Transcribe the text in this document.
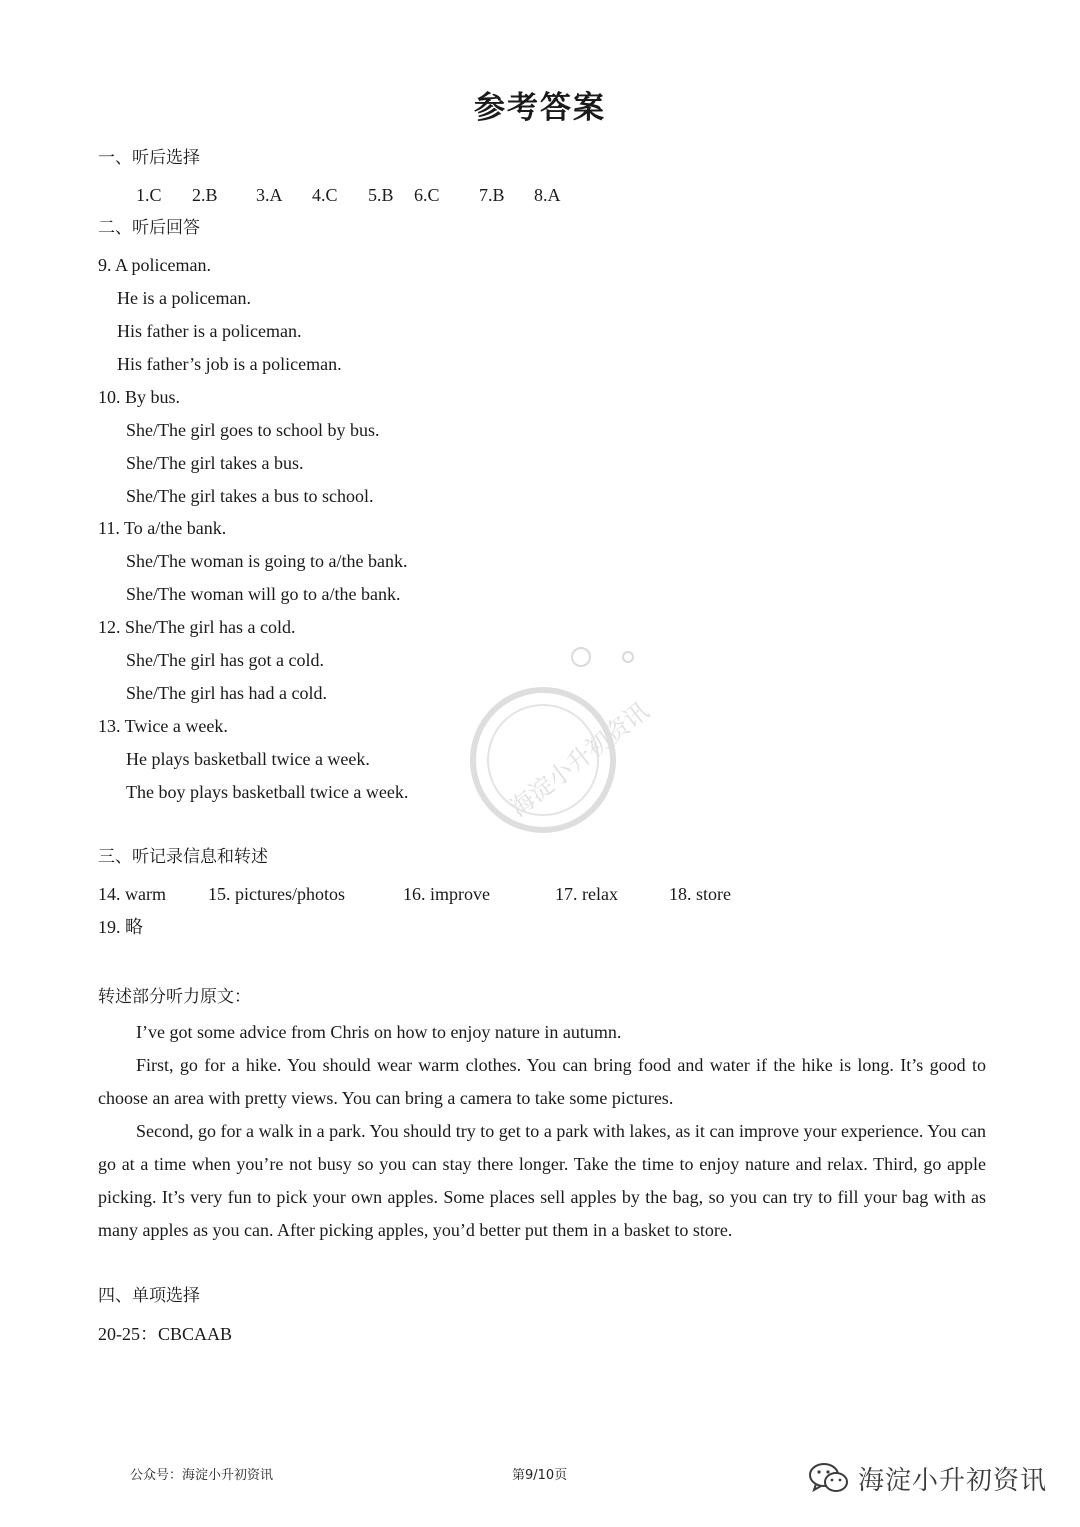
参考答案
一、听后选择
1.C 2.B 3.A 4.C 5.B 6.C 7.B 8.A
二、听后回答
9. A policeman.
He is a policeman.
His father is a policeman.
His father’s job is a policeman.
10. By bus.
She/The girl goes to school by bus.
She/The girl takes a bus.
She/The girl takes a bus to school.
11. To a/the bank.
She/The woman is going to a/the bank.
She/The woman will go to a/the bank.
12. She/The girl has a cold.
She/The girl has got a cold.
She/The girl has had a cold.
13. Twice a week.
He plays basketball twice a week.
The boy plays basketball twice a week.
三、听记录信息和转述
14. warm 15. pictures/photos	16. improve	17. relax	18. store
19. 略
转述部分听力原文：
I’ve got some advice from Chris on how to enjoy nature in autumn.
First, go for a hike. You should wear warm clothes. You can bring food and water if the hike is long. It’s good to choose an area with pretty views. You can bring a camera to take some pictures.
Second, go for a walk in a park. You should try to get to a park with lakes, as it can improve your experience. You can go at a time when you’re not busy so you can stay there longer. Take the time to enjoy nature and relax. Third, go apple picking. It’s very fun to pick your own apples. Some places sell apples by the bag, so you can try to fill your bag with as many apples as you can. After picking apples, you’d better put them in a basket to store.
四、单项选择
20-25：CBCAAB
海淀小升初资讯
公众号：海淀小升初资讯	第9/10页	海淀小升初资讯
